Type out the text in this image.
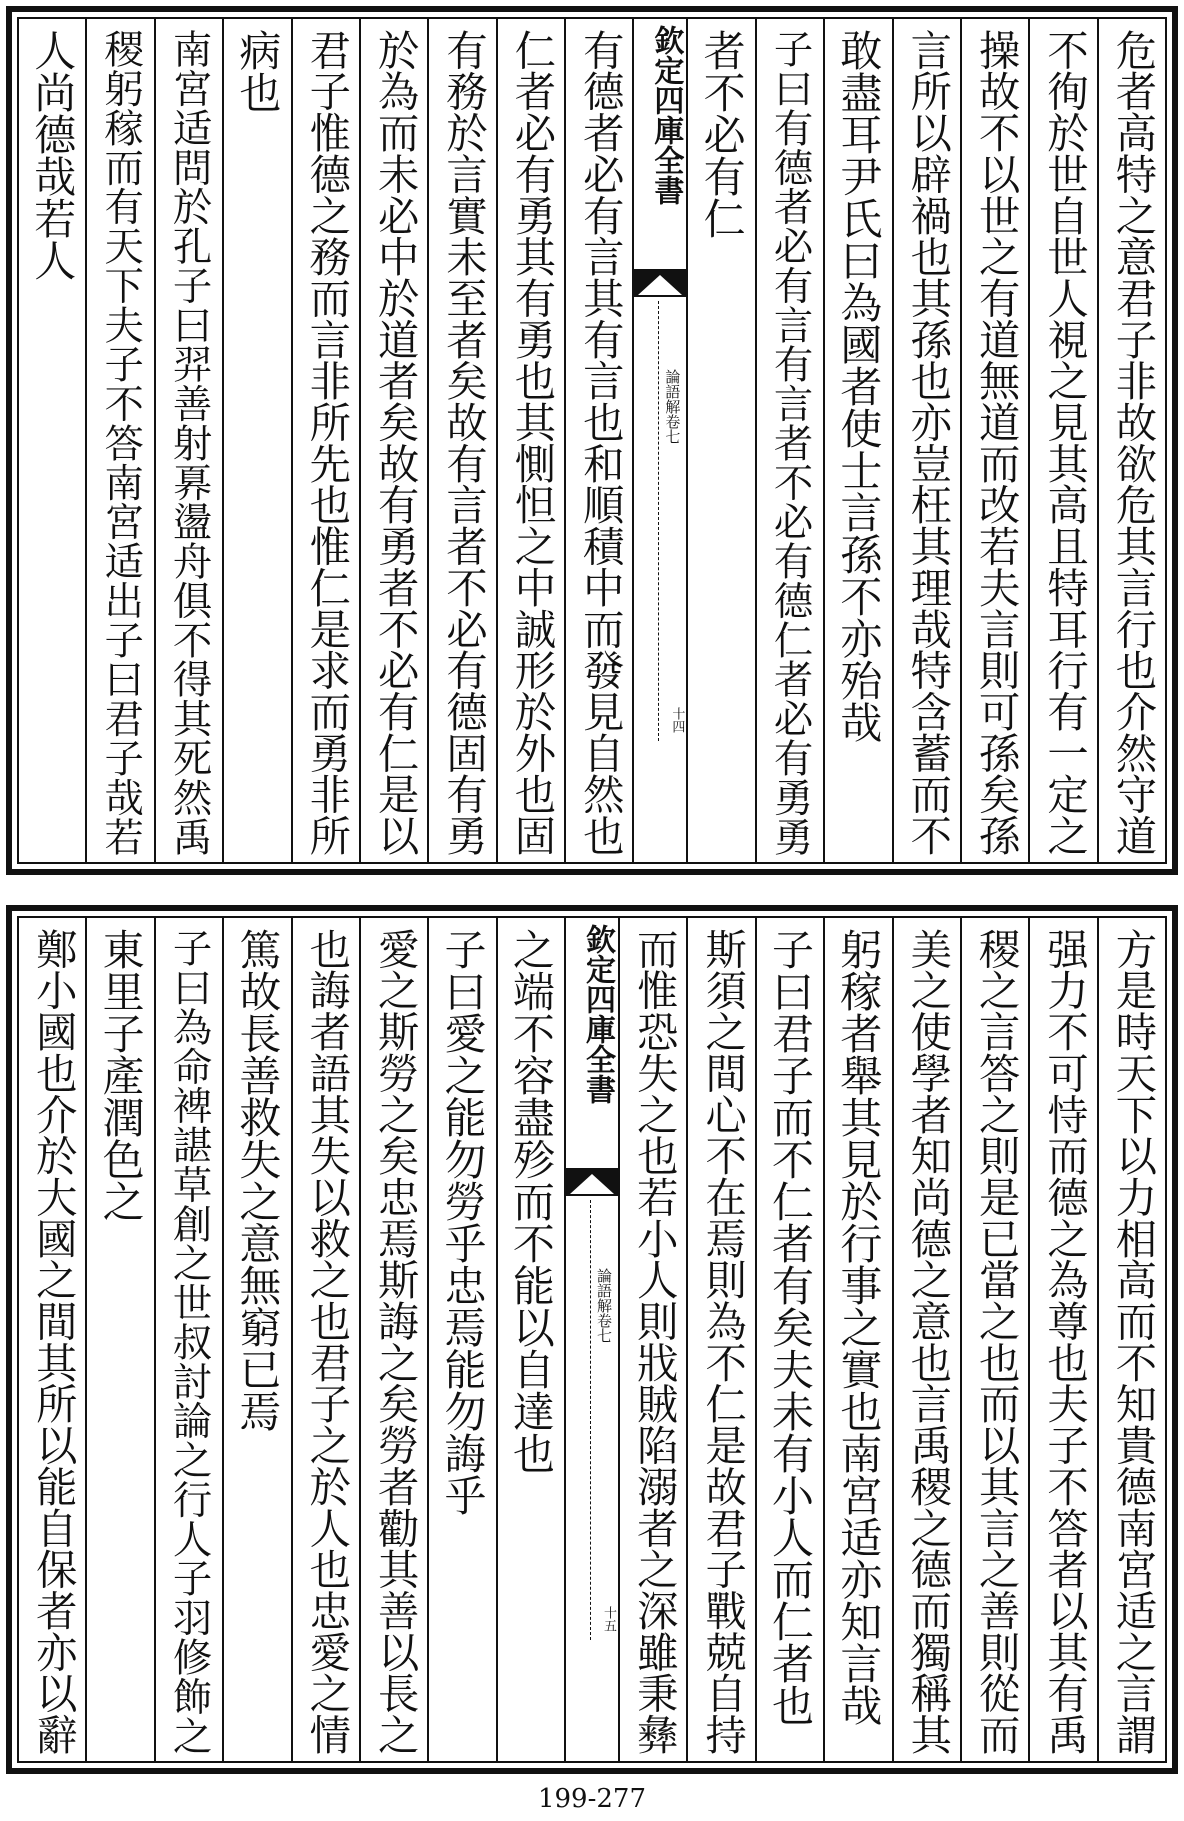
危者高特之意君子非故欲危其言行也介然守道
不徇於世自世人視之見其高且特耳行有一定之
操故不以世之有道無道而改若夫言則可孫矣孫
言所以辟禍也其孫也亦豈枉其理哉特含蓄而不
敢盡耳尹氏曰為國者使士言孫不亦殆哉
子曰有德者必有言有言者不必有德仁者必有勇勇
者不必有仁
欽定四庫全書
論語解卷七
十四
有德者必有言其有言也和順積中而發見自然也
仁者必有勇其有勇也其惻怛之中誠形於外也固
有務於言實未至者矣故有言者不必有德固有勇
於為而未必中於道者矣故有勇者不必有仁是以
君子惟德之務而言非所先也惟仁是求而勇非所
病也
南宮适問於孔子曰羿善射奡盪舟俱不得其死然禹
稷躬稼而有天下夫子不答南宮适出子曰君子哉若
人尚德哉若人
方是時天下以力相高而不知貴德南宮适之言謂
强力不可恃而德之為尊也夫子不答者以其有禹
稷之言答之則是已當之也而以其言之善則從而
美之使學者知尚德之意也言禹稷之德而獨稱其
躬稼者舉其見於行事之實也南宮适亦知言哉
子曰君子而不仁者有矣夫未有小人而仁者也
斯須之間心不在焉則為不仁是故君子戰兢自持
而惟恐失之也若小人則戕賊陷溺者之深雖秉彝
欽定四庫全書
論語解卷七
十五
之端不容盡殄而不能以自達也
子曰愛之能勿勞乎忠焉能勿誨乎
愛之斯勞之矣忠焉斯誨之矣勞者勸其善以長之
也誨者語其失以救之也君子之於人也忠愛之情
篤故長善救失之意無窮已焉
子曰為命裨諶草創之世叔討論之行人子羽修飾之
東里子產潤色之
鄭小國也介於大國之間其所以能自保者亦以辭
199-277
